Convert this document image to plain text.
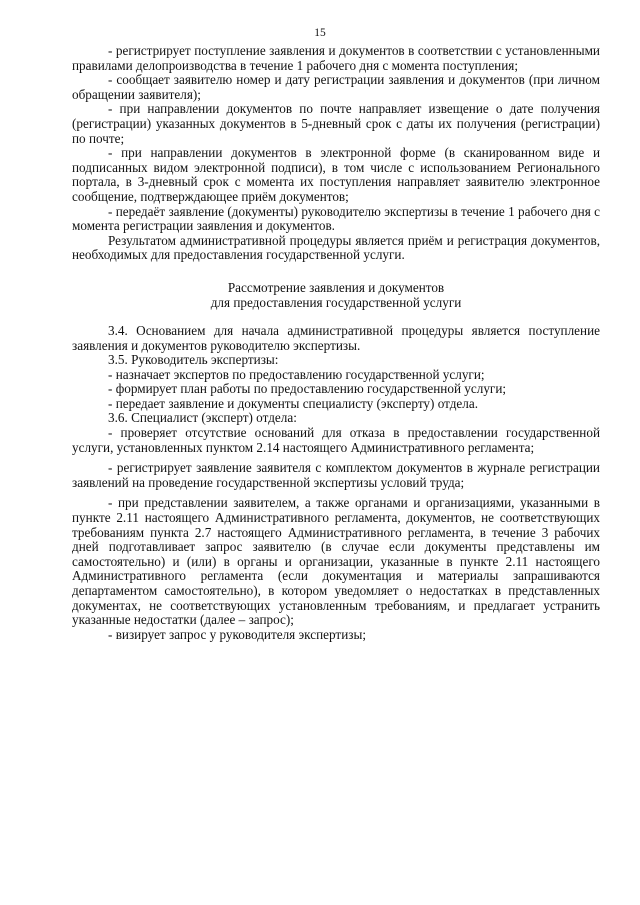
15

- регистрирует поступление заявления и документов в соответствии с установленными правилами делопроизводства в течение 1 рабочего дня с момента поступления;

- сообщает заявителю номер и дату регистрации заявления и документов (при личном обращении заявителя);

- при направлении документов по почте направляет извещение о дате получения (регистрации) указанных документов в 5-дневный срок с даты их получения (регистрации) по почте;

- при направлении документов в электронной форме (в сканированном виде и подписанных видом электронной подписи), в том числе с использованием Регионального портала, в 3-дневный срок с момента их поступления направляет заявителю электронное сообщение, подтверждающее приём документов;

- передаёт заявление (документы) руководителю экспертизы в течение 1 рабочего дня с момента регистрации заявления и документов.

Результатом административной процедуры является приём и регистрация документов, необходимых для предоставления государственной услуги.

Рассмотрение заявления и документов
для предоставления государственной услуги

3.4. Основанием для начала административной процедуры является поступление заявления и документов руководителю экспертизы.

3.5. Руководитель экспертизы:

- назначает экспертов по предоставлению государственной услуги;

- формирует план работы по предоставлению государственной услуги;

- передает заявление и документы специалисту (эксперту) отдела.

3.6. Специалист (эксперт) отдела:

- проверяет отсутствие оснований для отказа в предоставлении государственной услуги, установленных пунктом 2.14 настоящего Административного регламента;

- регистрирует заявление заявителя с комплектом документов в журнале регистрации заявлений на проведение государственной экспертизы условий труда;

- при представлении заявителем, а также органами и организациями, указанными в пункте 2.11 настоящего Административного регламента, документов, не соответствующих требованиям пункта 2.7 настоящего Административного регламента, в течение 3 рабочих дней подготавливает запрос заявителю (в случае если документы представлены им самостоятельно) и (или) в органы и организации, указанные в пункте 2.11 настоящего Административного регламента (если документация и материалы запрашиваются департаментом самостоятельно), в котором уведомляет о недостатках в представленных документах, не соответствующих установленным требованиям, и предлагает устранить указанные недостатки (далее – запрос);

- визирует запрос у руководителя экспертизы;
